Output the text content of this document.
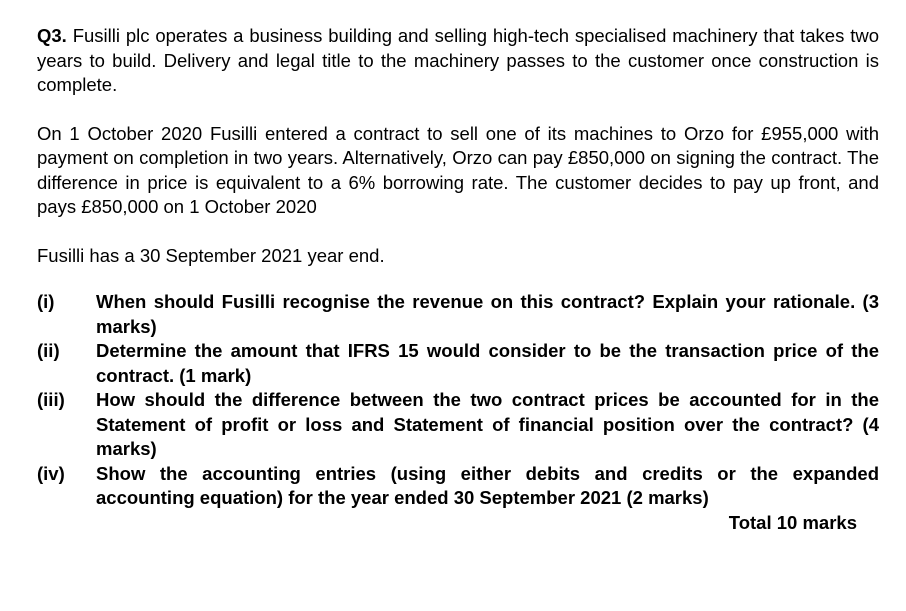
Q3. Fusilli plc operates a business building and selling high-tech specialised machinery that takes two years to build. Delivery and legal title to the machinery passes to the customer once construction is complete.

On 1 October 2020 Fusilli entered a contract to sell one of its machines to Orzo for £955,000 with payment on completion in two years. Alternatively, Orzo can pay £850,000 on signing the contract. The difference in price is equivalent to a 6% borrowing rate. The customer decides to pay up front, and pays £850,000 on 1 October 2020

Fusilli has a 30 September 2021 year end.

(i)	When should Fusilli recognise the revenue on this contract? Explain your rationale. (3 marks)
(ii)	Determine the amount that IFRS 15 would consider to be the transaction price of the contract. (1 mark)
(iii)	How should the difference between the two contract prices be accounted for in the Statement of profit or loss and Statement of financial position over the contract? (4 marks)
(iv)	Show the accounting entries (using either debits and credits or the expanded accounting equation) for the year ended 30 September 2021 (2 marks)

Total 10 marks
